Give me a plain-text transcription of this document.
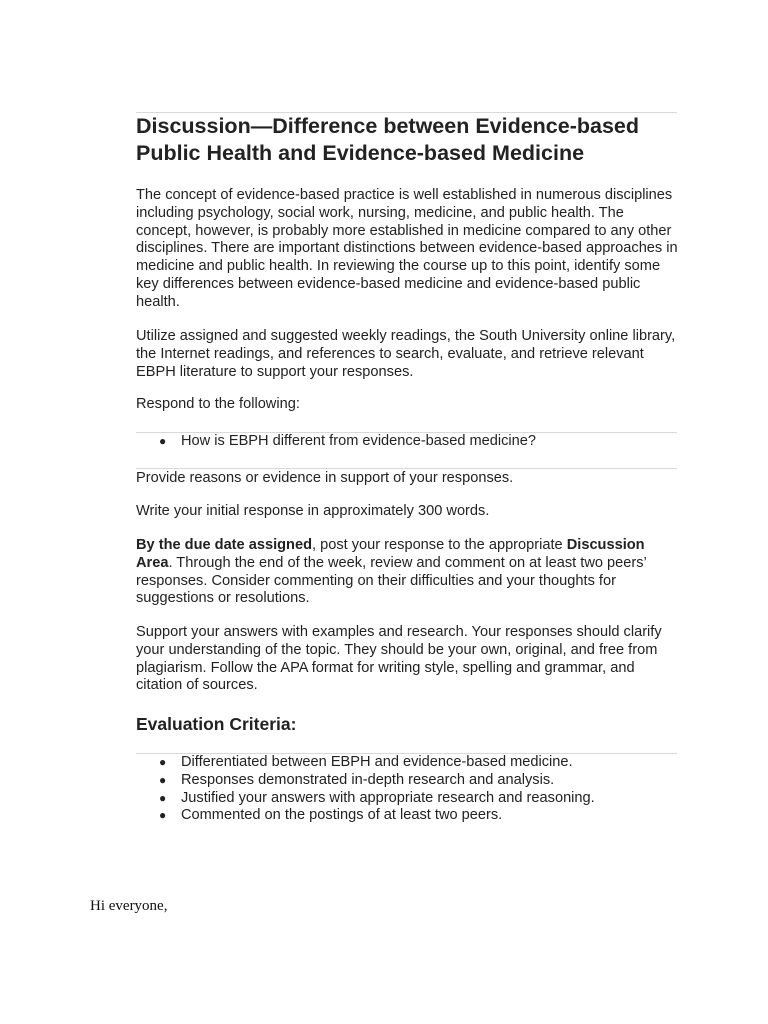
Discussion—Difference between Evidence-based Public Health and Evidence-based Medicine

The concept of evidence-based practice is well established in numerous disciplines including psychology, social work, nursing, medicine, and public health. The concept, however, is probably more established in medicine compared to any other disciplines. There are important distinctions between evidence-based approaches in medicine and public health. In reviewing the course up to this point, identify some key differences between evidence-based medicine and evidence-based public health.

Utilize assigned and suggested weekly readings, the South University online library, the Internet readings, and references to search, evaluate, and retrieve relevant EBPH literature to support your responses.

Respond to the following:

● How is EBPH different from evidence-based medicine?

Provide reasons or evidence in support of your responses.

Write your initial response in approximately 300 words.

By the due date assigned, post your response to the appropriate Discussion Area. Through the end of the week, review and comment on at least two peers’ responses. Consider commenting on their difficulties and your thoughts for suggestions or resolutions.

Support your answers with examples and research. Your responses should clarify your understanding of the topic. They should be your own, original, and free from plagiarism. Follow the APA format for writing style, spelling and grammar, and citation of sources.

Evaluation Criteria:
● Differentiated between EBPH and evidence-based medicine.
● Responses demonstrated in-depth research and analysis.
● Justified your answers with appropriate research and reasoning.
● Commented on the postings of at least two peers.

Hi everyone,
